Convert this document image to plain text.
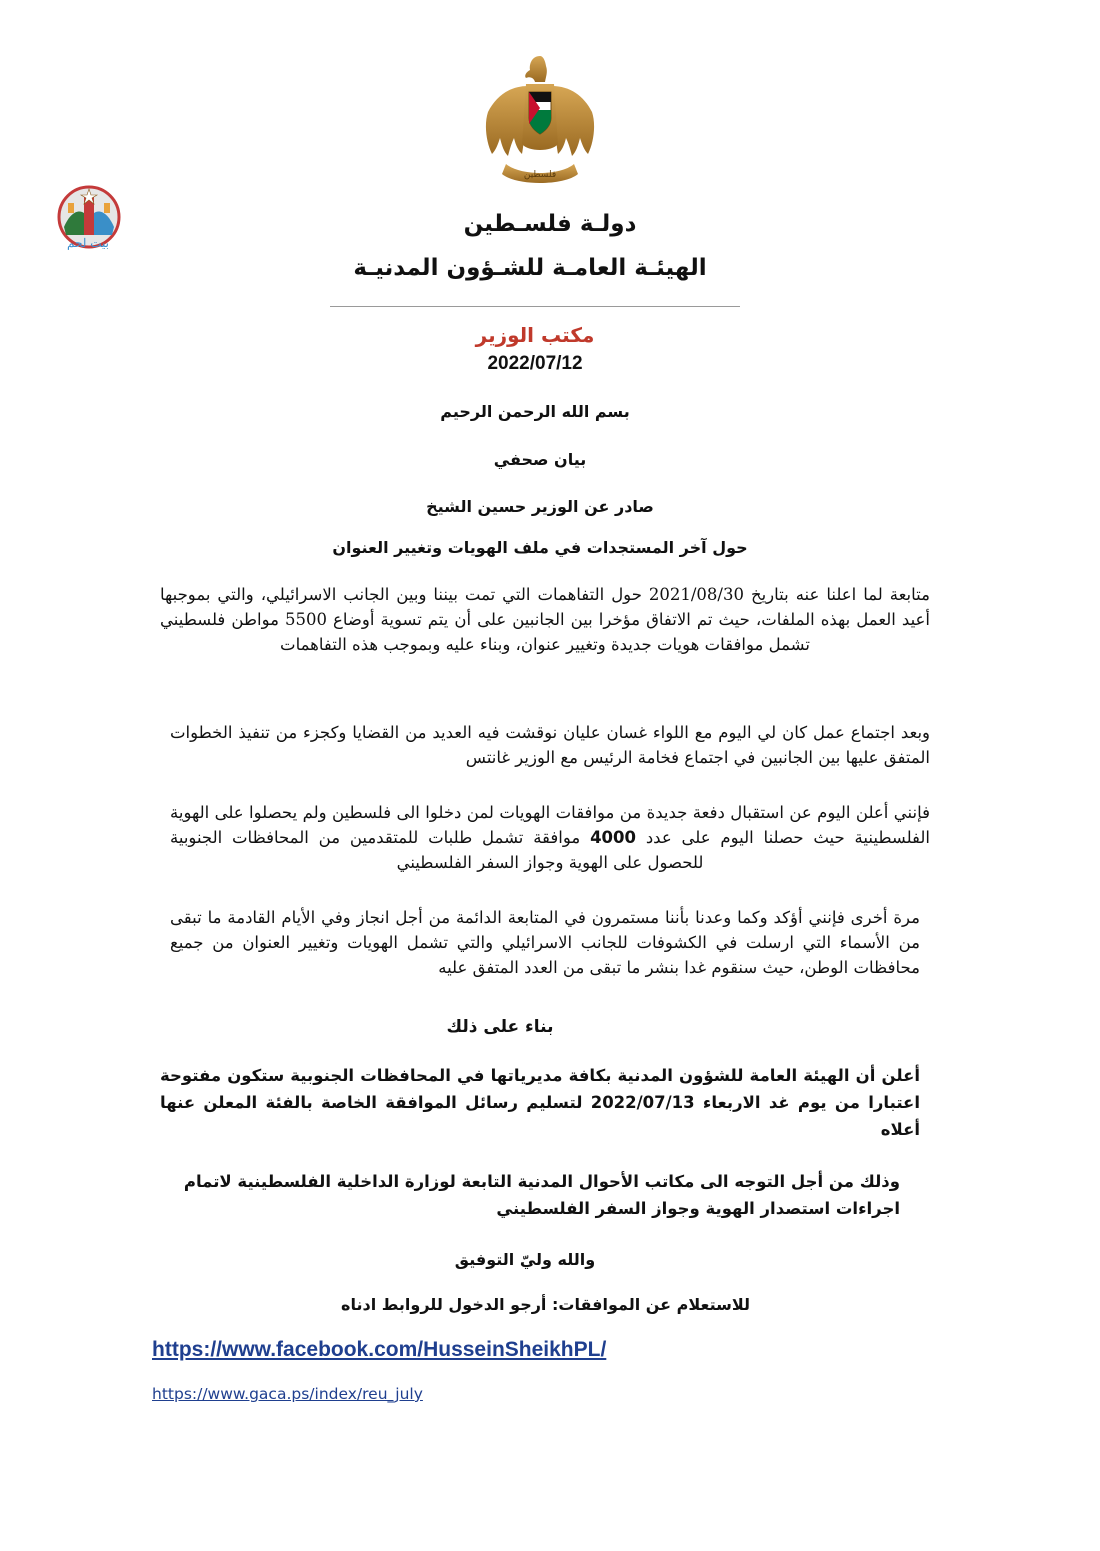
فلسطين
بيت لحم
دولـة فلسـطين
الهيئـة العامـة للشـؤون المدنيـة
مكتب الوزير
2022/07/12
بسم الله الرحمن الرحيم
بيان صحفي
صادر عن الوزير حسين الشيخ
حول آخر المستجدات في ملف الهويات وتغيير العنوان

متابعة لما اعلنا عنه بتاريخ 2021/08/30 حول التفاهمات التي تمت بيننا وبين الجانب الاسرائيلي، والتي بموجبها أعيد العمل بهذه الملفات، حيث تم الاتفاق مؤخرا بين الجانبين على أن يتم تسوية أوضاع 5500 مواطن فلسطيني تشمل موافقات هويات جديدة وتغيير عنوان، وبناء عليه وبموجب هذه التفاهمات

وبعد اجتماع عمل كان لي اليوم مع اللواء غسان عليان نوقشت فيه العديد من القضايا وكجزء من تنفيذ الخطوات المتفق عليها بين الجانبين في اجتماع فخامة الرئيس مع الوزير غانتس

فإنني أعلن اليوم عن استقبال دفعة جديدة من موافقات الهويات لمن دخلوا الى فلسطين ولم يحصلوا على الهوية الفلسطينية حيث حصلنا اليوم على عدد 4000 موافقة تشمل طلبات للمتقدمين من المحافظات الجنوبية للحصول على الهوية وجواز السفر الفلسطيني

مرة أخرى فإنني أؤكد وكما وعدنا بأننا مستمرون في المتابعة الدائمة من أجل انجاز وفي الأيام القادمة ما تبقى من الأسماء التي ارسلت في الكشوفات للجانب الاسرائيلي والتي تشمل الهويات وتغيير العنوان من جميع محافظات الوطن، حيث سنقوم غدا بنشر ما تبقى من العدد المتفق عليه

بناء على ذلك

أعلن أن الهيئة العامة للشؤون المدنية بكافة مديرياتها في المحافظات الجنوبية ستكون مفتوحة اعتبارا من يوم غد الاربعاء 2022/07/13 لتسليم رسائل الموافقة الخاصة بالفئة المعلن عنها أعلاه

وذلك من أجل التوجه الى مكاتب الأحوال المدنية التابعة لوزارة الداخلية الفلسطينية لاتمام اجراءات استصدار الهوية وجواز السفر الفلسطيني

والله وليّ التوفيق
للاستعلام عن الموافقات: أرجو الدخول للروابط ادناه
https://www.facebook.com/HusseinSheikhPL/
https://www.gaca.ps/index/reu_july
